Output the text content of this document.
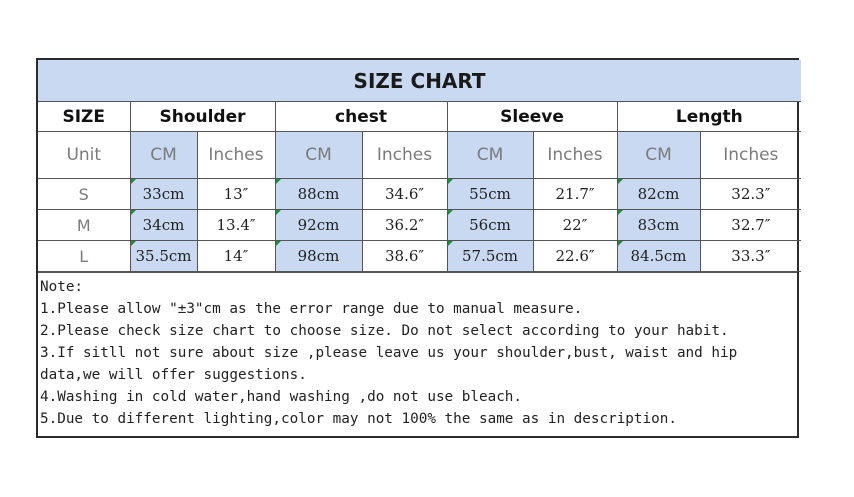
SIZE CHART								
SIZE	Shoulder		chest		Sleeve		Length	
Unit	CM	Inches	CM	Inches	CM	Inches	CM	Inches
S	33cm	13″	88cm	34.6″	55cm	21.7″	82cm	32.3″
M	34cm	13.4″	92cm	36.2″	56cm	22″	83cm	32.7″
L	35.5cm	14″	98cm	38.6″	57.5cm	22.6″	84.5cm	33.3″
Note:
1.Please allow "±3"cm as the error range due to manual measure.
2.Please check size chart to choose size. Do not select according to your habit.
3.If sitll not sure about size ,please leave us your shoulder,bust, waist and hip data,we will offer suggestions.
4.Washing in cold water,hand washing ,do not use bleach.
5.Due to different lighting,color may not 100% the same as in description.
